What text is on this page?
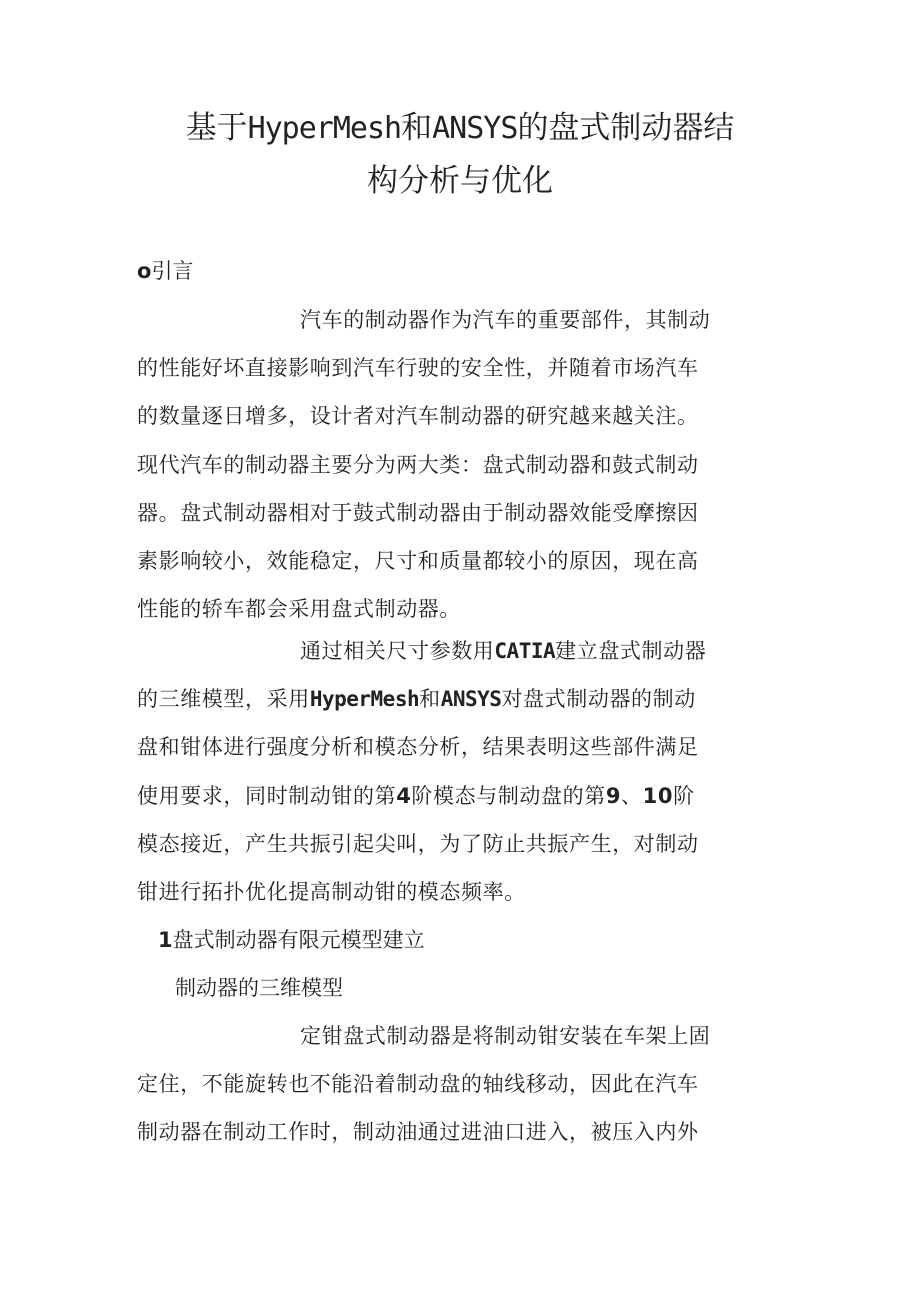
基于HyperMesh和ANSYS的盘式制动器结
构分析与优化
o引言
汽车的制动器作为汽车的重要部件，其制动
的性能好坏直接影响到汽车行驶的安全性，并随着市场汽车
的数量逐日增多，设计者对汽车制动器的研究越来越关注。
现代汽车的制动器主要分为两大类：盘式制动器和鼓式制动
器。盘式制动器相对于鼓式制动器由于制动器效能受摩擦因
素影响较小，效能稳定，尺寸和质量都较小的原因，现在高
性能的轿车都会采用盘式制动器。
通过相关尺寸参数用CATIA建立盘式制动器
的三维模型，采用HyperMesh和ANSYS对盘式制动器的制动
盘和钳体进行强度分析和模态分析，结果表明这些部件满足
使用要求，同时制动钳的第4阶模态与制动盘的第9、10阶
模态接近，产生共振引起尖叫，为了防止共振产生，对制动
钳进行拓扑优化提高制动钳的模态频率。
1盘式制动器有限元模型建立
制动器的三维模型
定钳盘式制动器是将制动钳安装在车架上固
定住，不能旋转也不能沿着制动盘的轴线移动，因此在汽车
制动器在制动工作时，制动油通过进油口进入，被压入内外
